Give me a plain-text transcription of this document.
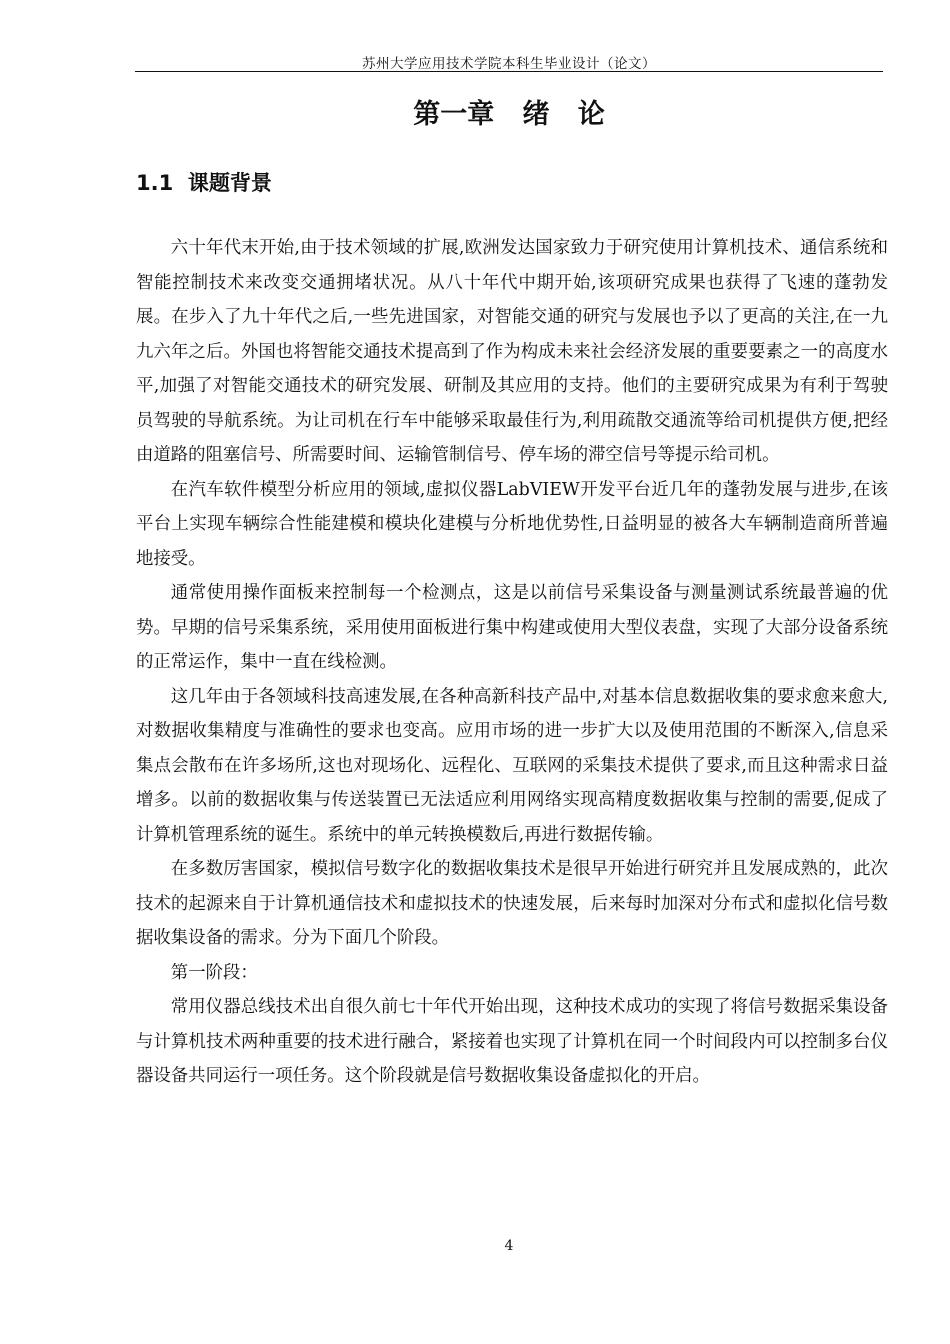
苏州大学应用技术学院本科生毕业设计（论文）
第一章   绪   论
1.1  课题背景

六十年代末开始,由于技术领域的扩展,欧洲发达国家致力于研究使用计算机技术、通信系统和智能控制技术来改变交通拥堵状况。从八十年代中期开始,该项研究成果也获得了飞速的蓬勃发展。在步入了九十年代之后,一些先进国家，对智能交通的研究与发展也予以了更高的关注,在一九九六年之后。外国也将智能交通技术提高到了作为构成未来社会经济发展的重要要素之一的高度水平,加强了对智能交通技术的研究发展、研制及其应用的支持。他们的主要研究成果为有利于驾驶员驾驶的导航系统。为让司机在行车中能够采取最佳行为,利用疏散交通流等给司机提供方便,把经由道路的阻塞信号、所需要时间、运输管制信号、停车场的滞空信号等提示给司机。

在汽车软件模型分析应用的领域,虚拟仪器LabVIEW开发平台近几年的蓬勃发展与进步,在该平台上实现车辆综合性能建模和模块化建模与分析地优势性,日益明显的被各大车辆制造商所普遍地接受。

通常使用操作面板来控制每一个检测点，这是以前信号采集设备与测量测试系统最普遍的优势。早期的信号采集系统，采用使用面板进行集中构建或使用大型仪表盘，实现了大部分设备系统的正常运作，集中一直在线检测。

这几年由于各领域科技高速发展,在各种高新科技产品中,对基本信息数据收集的要求愈来愈大,对数据收集精度与准确性的要求也变高。应用市场的进一步扩大以及使用范围的不断深入,信息采集点会散布在许多场所,这也对现场化、远程化、互联网的采集技术提供了要求,而且这种需求日益增多。以前的数据收集与传送装置已无法适应利用网络实现高精度数据收集与控制的需要,促成了计算机管理系统的诞生。系统中的单元转换模数后,再进行数据传输。

在多数厉害国家，模拟信号数字化的数据收集技术是很早开始进行研究并且发展成熟的，此次技术的起源来自于计算机通信技术和虚拟技术的快速发展，后来每时加深对分布式和虚拟化信号数据收集设备的需求。分为下面几个阶段。

第一阶段：

常用仪器总线技术出自很久前七十年代开始出现，这种技术成功的实现了将信号数据采集设备与计算机技术两种重要的技术进行融合，紧接着也实现了计算机在同一个时间段内可以控制多台仪器设备共同运行一项任务。这个阶段就是信号数据收集设备虚拟化的开启。

4
